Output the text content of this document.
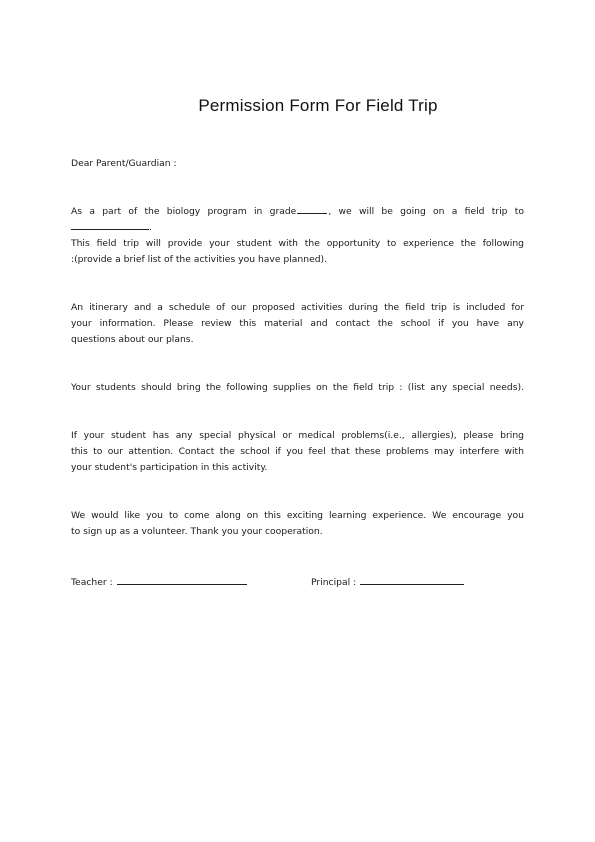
Permission Form For Field Trip
Dear Parent/Guardian :
As a part of the biology program in grade	, we will be going on a field trip to
.
This field trip will provide your student with the opportunity to experience the following
:(provide a brief list of the activities you have planned).
An itinerary and a schedule of our proposed activities during the field trip is included for
your information. Please review this material and contact the school if you have any
questions about our plans.
Your students should bring the following supplies on the field trip : (list any special needs).
If your student has any special physical or medical problems(i.e., allergies), please bring
this to our attention. Contact the school if you feel that these problems may interfere with
your student's participation in this activity.
We would like you to come along on this exciting learning experience. We encourage you
to sign up as a volunteer. Thank you your cooperation.
Teacher :	Principal :
